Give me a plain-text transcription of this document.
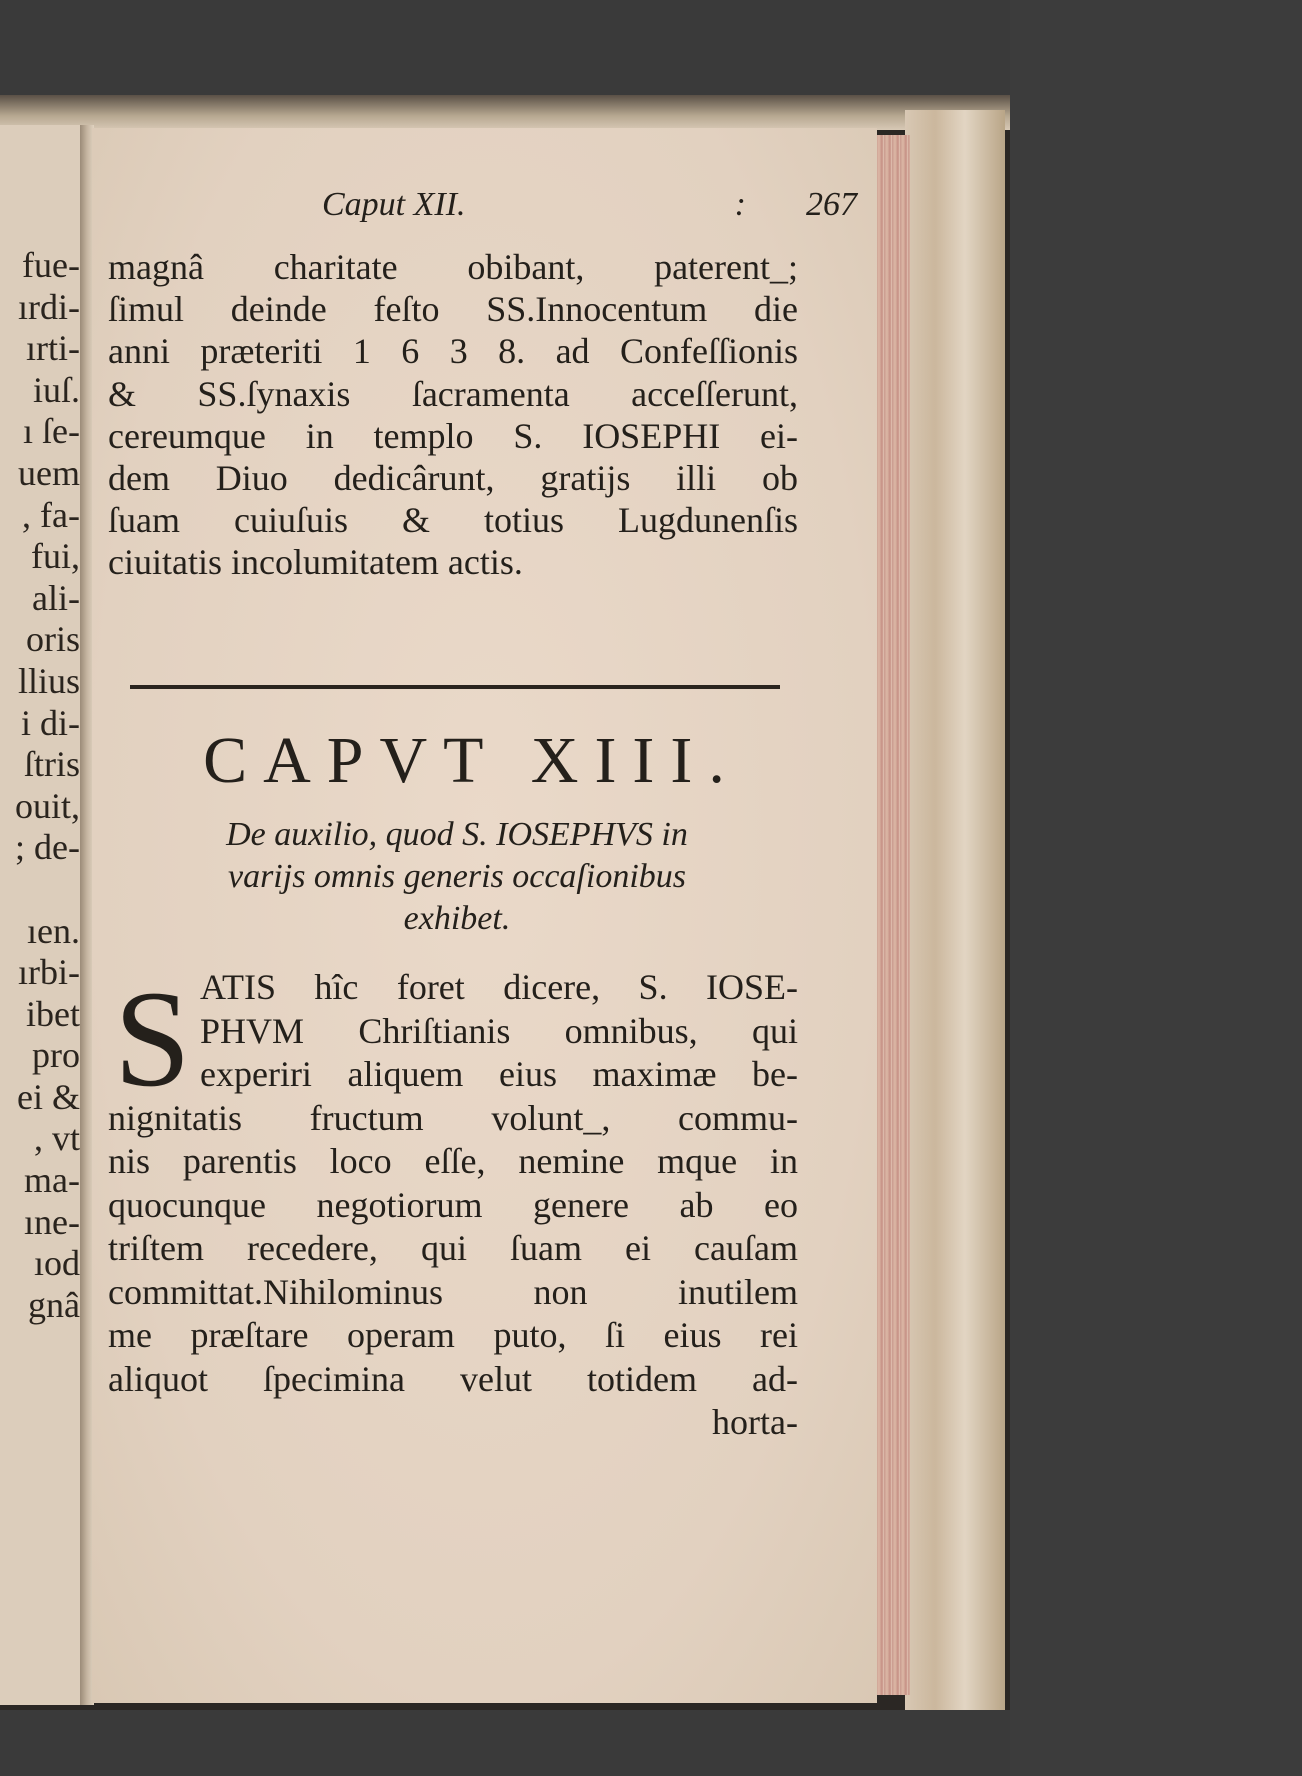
fue-
ırdi-
ırti-
iuſ.
ı ſe-
uem
, fa-
fui,
ali-
oris
llius
i di-
ſtris
ouit,
; de-

ıen.
ırbi-
ibet
pro
ei &
, vt
ma-
ıne-
ıod
gnâ
Caput XII.	: 267
magnâ charitate obibant, paterent_;
ſimul deinde feſto SS.Innocentum die
anni præteriti 1 6 3 8. ad Confeſſionis
& SS.ſynaxis ſacramenta acceſſerunt,
cereumque in templo S. IOSEPHI ei-
dem Diuo dedicârunt, gratijs illi ob
ſuam cuiuſuis & totius Lugdunenſis
ciuitatis incolumitatem actis.
CAPVT XIII.
De auxilio, quod S. IOSEPHVS in
varijs omnis generis occaſionibus
exhibet.
S ATIS hîc foret dicere, S. IOSE-
PHVM Chriſtianis omnibus, qui
experiri aliquem eius maximæ be-
nignitatis fructum volunt_, commu-
nis parentis loco eſſe, nemine mque in
quocunque negotiorum genere ab eo
triſtem recedere, qui ſuam ei cauſam
committat.Nihilominus non inutilem
me præſtare operam puto, ſi eius rei
aliquot ſpecimina velut totidem ad-
horta-
